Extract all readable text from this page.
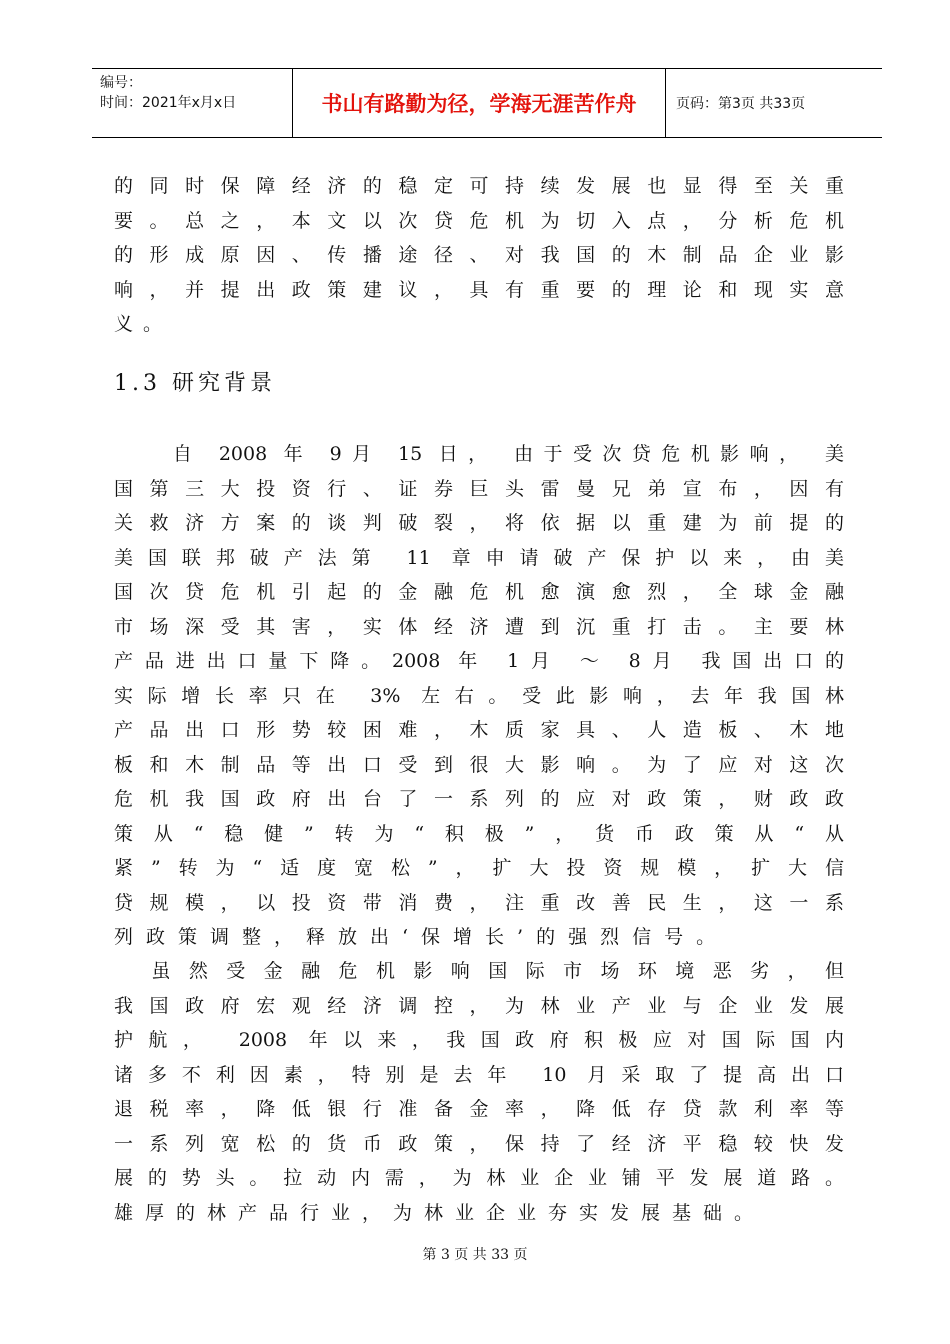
编号：
时间：2021年x月x日	书山有路勤为径，学海无涯苦作舟	页码：第3页 共33页
的同时保障经济的稳定可持续发展也显得至关重
要。总之，本文以次贷危机为切入点，分析危机
的形成原因、传播途径、对我国的木制品企业影
响，并提出政策建议，具有重要的理论和现实意
义。
1.3 研究背景
　　自 2008 年 9月 15 日， 由于受次贷危机影响， 美
国第三大投资行、证券巨头雷曼兄弟宣布，因有
关救济方案的谈判破裂，将依据以重建为前提的
美国联邦破产法第 11 章申请破产保护以来，由美
国次贷危机引起的金融危机愈演愈烈，全球金融
市场深受其害，实体经济遭到沉重打击。主要林
产品进出口量下降。2008 年 1月 ～ 8月 我国出口的
实际增长率只在 3% 左右。受此影响，去年我国林
产品出口形势较困难，木质家具、人造板、木地
板和木制品等出口受到很大影响。为了应对这次
危机我国政府出台了一系列的应对政策，财政政
策从“稳健”转为“积极”，货币政策从“从
紧”转为“适度宽松”，扩大投资规模，扩大信
贷规模，以投资带消费，注重改善民生，这一系
列政策调整，释放出‘保增长’的强烈信号。
　虽然受金融危机影响国际市场环境恶劣，但
我国政府宏观经济调控，为林业产业与企业发展
护航， 2008 年以来，我国政府积极应对国际国内
诸多不利因素，特别是去年 10 月采取了提高出口
退税率，降低银行准备金率，降低存贷款利率等
一系列宽松的货币政策，保持了经济平稳较快发
展的势头。拉动内需，为林业企业铺平发展道路。
雄厚的林产品行业，为林业企业夯实发展基础。
第 3 页 共 33 页
